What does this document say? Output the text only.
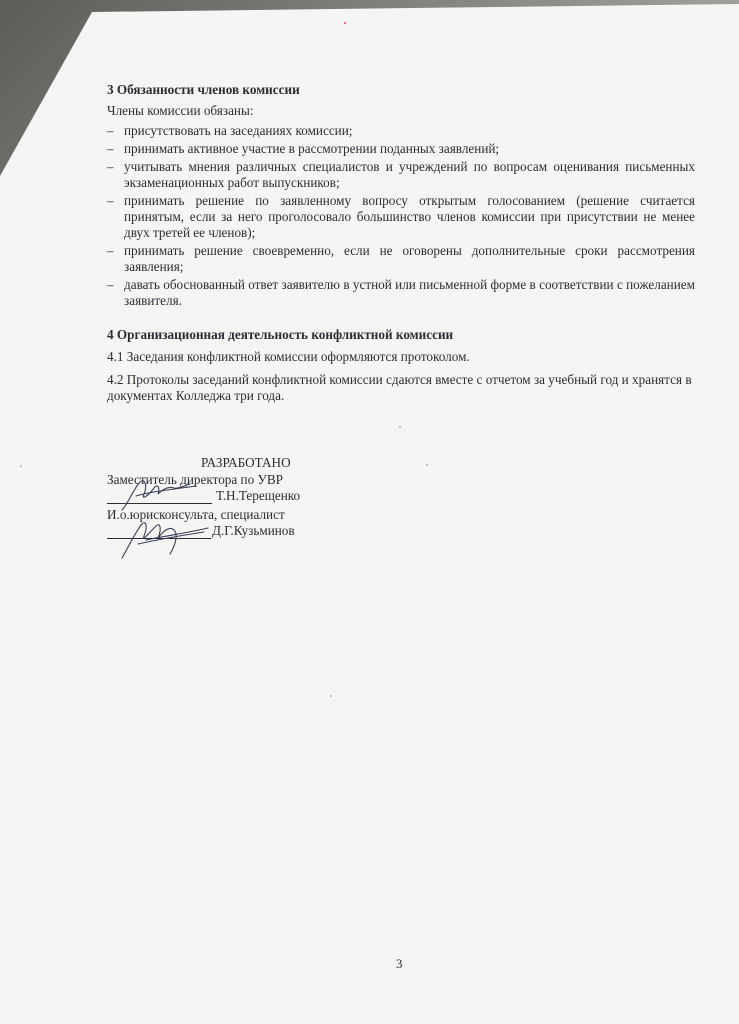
3 Обязанности членов комиссии
Члены комиссии обязаны:
– присутствовать на заседаниях комиссии;
– принимать активное участие в рассмотрении поданных заявлений;
– учитывать мнения различных специалистов и учреждений по вопросам оценивания письменных экзаменационных работ выпускников;
– принимать решение по заявленному вопросу открытым голосованием (решение считается принятым, если за него проголосовало большинство членов комиссии при присутствии не менее двух третей ее членов);
– принимать решение своевременно, если не оговорены дополнительные сроки рассмотрения заявления;
– давать обоснованный ответ заявителю в устной или письменной форме в соответствии с пожеланием заявителя.
4 Организационная деятельность конфликтной комиссии
4.1 Заседания конфликтной комиссии оформляются протоколом.
4.2 Протоколы заседаний конфликтной комиссии сдаются вместе с отчетом за учебный год и хранятся в документах Колледжа три года.
РАЗРАБОТАНО
Заместитель директора по УВР
Т.Н.Терещенко
И.о.юрисконсульта, специалист
Д.Г.Кузьминов
3
